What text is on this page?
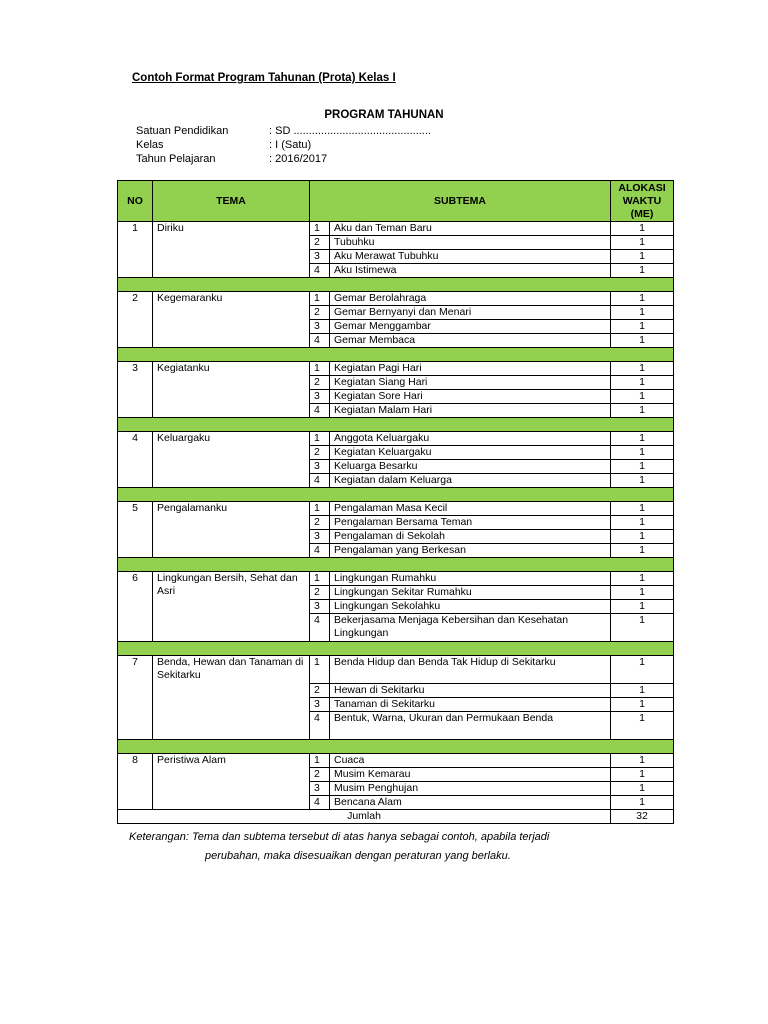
Contoh Format Program Tahunan (Prota) Kelas I
PROGRAM TAHUNAN
Satuan Pendidikan	: SD .............................................
Kelas	: I (Satu)
Tahun Pelajaran	: 2016/2017
NO	TEMA	SUBTEMA		ALOKASI WAKTU (ME)
1	Diriku	1	Aku dan Teman Baru	1
		2	Tubuhku	1
		3	Aku Merawat Tubuhku	1
		4	Aku Istimewa	1

2	Kegemaranku	1	Gemar Berolahraga	1
		2	Gemar Bernyanyi dan Menari	1
		3	Gemar Menggambar	1
		4	Gemar Membaca	1

3	Kegiatanku	1	Kegiatan Pagi Hari	1
		2	Kegiatan Siang Hari	1
		3	Kegiatan Sore Hari	1
		4	Kegiatan Malam Hari	1

4	Keluargaku	1	Anggota Keluargaku	1
		2	Kegiatan Keluargaku	1
		3	Keluarga Besarku	1
		4	Kegiatan dalam Keluarga	1

5	Pengalamanku	1	Pengalaman Masa Kecil	1
		2	Pengalaman Bersama Teman	1
		3	Pengalaman di Sekolah	1
		4	Pengalaman yang Berkesan	1

6	Lingkungan Bersih, Sehat dan Asri	1	Lingkungan Rumahku	1
		2	Lingkungan Sekitar Rumahku	1
		3	Lingkungan Sekolahku	1
		4	Bekerjasama Menjaga Kebersihan dan Kesehatan Lingkungan	1

7	Benda, Hewan dan Tanaman di Sekitarku	1	Benda Hidup dan Benda Tak Hidup di Sekitarku	1
		2	Hewan di Sekitarku	1
		3	Tanaman di Sekitarku	1
		4	Bentuk, Warna, Ukuran dan Permukaan Benda	1

8	Peristiwa Alam	1	Cuaca	1
		2	Musim Kemarau	1
		3	Musim Penghujan	1
		4	Bencana Alam	1
Jumlah				32
Keterangan: Tema dan subtema tersebut di atas hanya sebagai contoh, apabila terjadi
perubahan, maka disesuaikan dengan peraturan yang berlaku.
